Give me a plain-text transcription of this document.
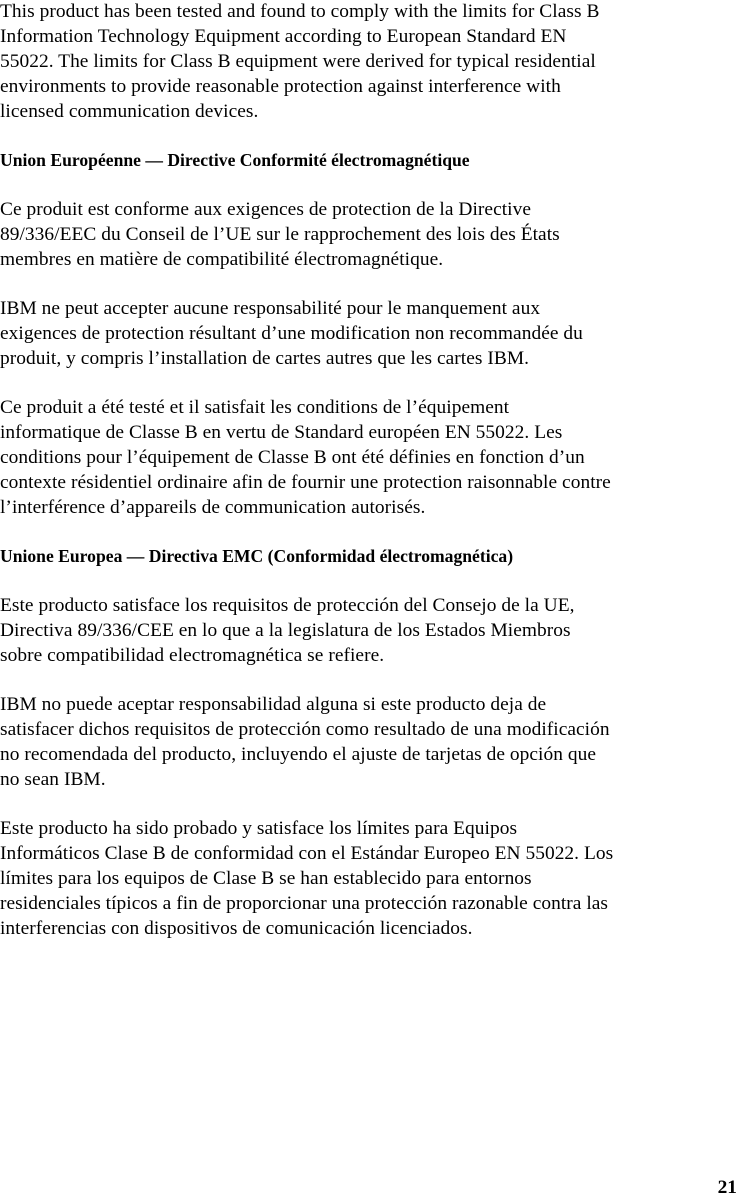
This product has been tested and found to comply with the limits for Class B
Information Technology Equipment according to European Standard EN
55022. The limits for Class B equipment were derived for typical residential
environments to provide reasonable protection against interference with
licensed communication devices.

Union Européenne — Directive Conformité électromagnétique

Ce produit est conforme aux exigences de protection de la Directive
89/336/EEC du Conseil de l’UE sur le rapprochement des lois des États
membres en matière de compatibilité électromagnétique.

IBM ne peut accepter aucune responsabilité pour le manquement aux
exigences de protection résultant d’une modification non recommandée du
produit, y compris l’installation de cartes autres que les cartes IBM.

Ce produit a été testé et il satisfait les conditions de l’équipement
informatique de Classe B en vertu de Standard européen EN 55022. Les
conditions pour l’équipement de Classe B ont été définies en fonction d’un
contexte résidentiel ordinaire afin de fournir une protection raisonnable contre
l’interférence d’appareils de communication autorisés.

Unione Europea — Directiva EMC (Conformidad électromagnética)

Este producto satisface los requisitos de protección del Consejo de la UE,
Directiva 89/336/CEE en lo que a la legislatura de los Estados Miembros
sobre compatibilidad electromagnética se refiere.

IBM no puede aceptar responsabilidad alguna si este producto deja de
satisfacer dichos requisitos de protección como resultado de una modificación
no recomendada del producto, incluyendo el ajuste de tarjetas de opción que
no sean IBM.

Este producto ha sido probado y satisface los límites para Equipos
Informáticos Clase B de conformidad con el Estándar Europeo EN 55022. Los
límites para los equipos de Clase B se han establecido para entornos
residenciales típicos a fin de proporcionar una protección razonable contra las
interferencias con dispositivos de comunicación licenciados.

21
